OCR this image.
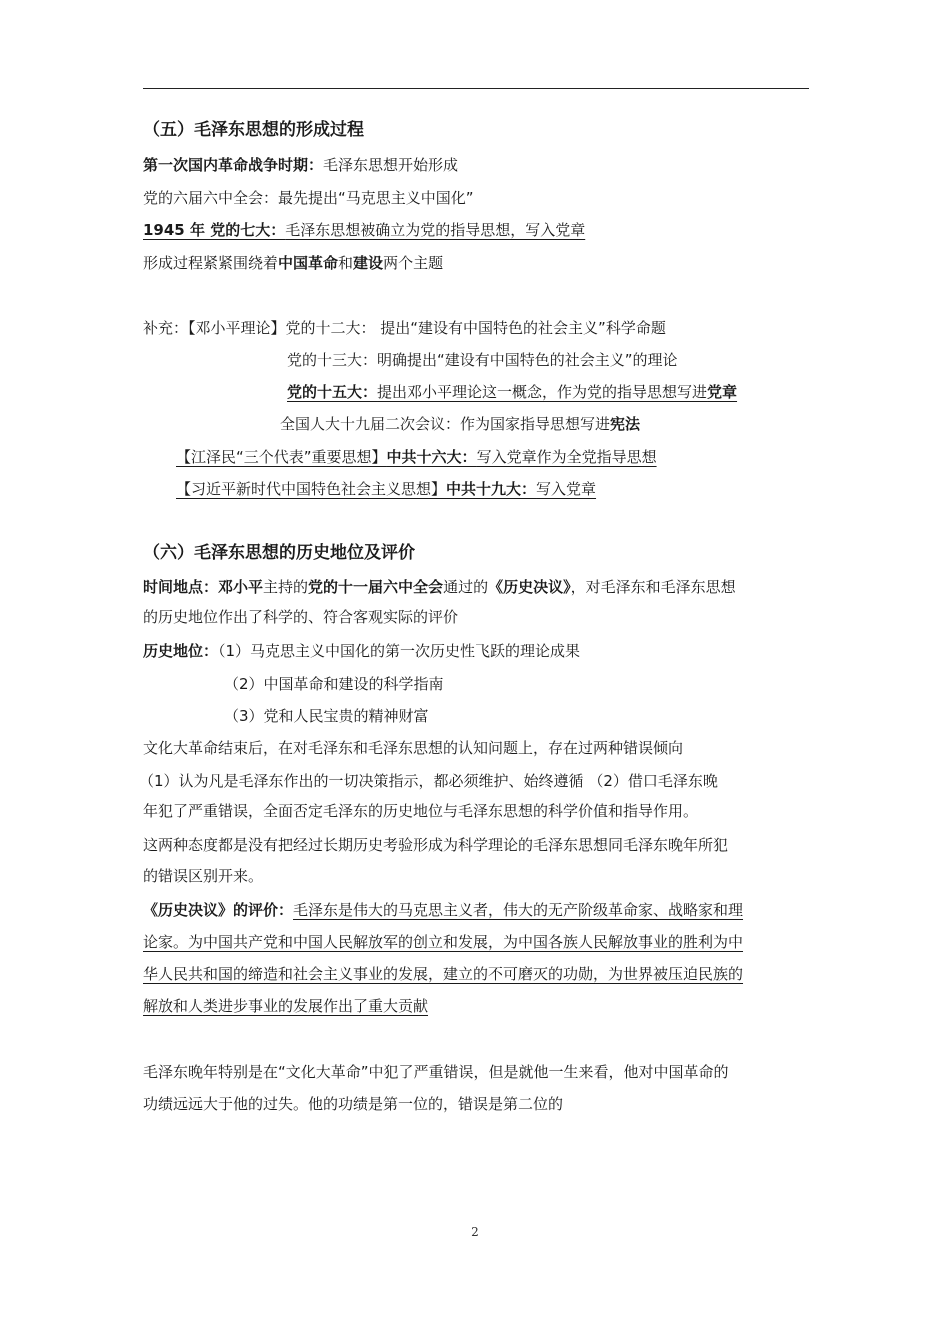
（五）毛泽东思想的形成过程
第一次国内革命战争时期：毛泽东思想开始形成
党的六届六中全会：最先提出“马克思主义中国化”
1945 年 党的七大：毛泽东思想被确立为党的指导思想，写入党章
形成过程紧紧围绕着中国革命和建设两个主题
补充：【邓小平理论】党的十二大： 提出“建设有中国特色的社会主义”科学命题
党的十三大：明确提出“建设有中国特色的社会主义”的理论
党的十五大：提出邓小平理论这一概念，作为党的指导思想写进党章
全国人大十九届二次会议：作为国家指导思想写进宪法
【江泽民“三个代表”重要思想】中共十六大：写入党章作为全党指导思想
【习近平新时代中国特色社会主义思想】中共十九大：写入党章
（六）毛泽东思想的历史地位及评价
时间地点：邓小平主持的党的十一届六中全会通过的《历史决议》，对毛泽东和毛泽东思想
的历史地位作出了科学的、符合客观实际的评价
历史地位：（1）马克思主义中国化的第一次历史性飞跃的理论成果
（2）中国革命和建设的科学指南
（3）党和人民宝贵的精神财富
文化大革命结束后，在对毛泽东和毛泽东思想的认知问题上，存在过两种错误倾向
（1）认为凡是毛泽东作出的一切决策指示，都必须维护、始终遵循 （2）借口毛泽东晚
年犯了严重错误，全面否定毛泽东的历史地位与毛泽东思想的科学价值和指导作用。
这两种态度都是没有把经过长期历史考验形成为科学理论的毛泽东思想同毛泽东晚年所犯
的错误区别开来。
《历史决议》的评价：毛泽东是伟大的马克思主义者，伟大的无产阶级革命家、战略家和理
论家。为中国共产党和中国人民解放军的创立和发展，为中国各族人民解放事业的胜利为中
华人民共和国的缔造和社会主义事业的发展，建立的不可磨灭的功勋，为世界被压迫民族的
解放和人类进步事业的发展作出了重大贡献
毛泽东晚年特别是在“文化大革命”中犯了严重错误，但是就他一生来看，他对中国革命的
功绩远远大于他的过失。他的功绩是第一位的，错误是第二位的
2
